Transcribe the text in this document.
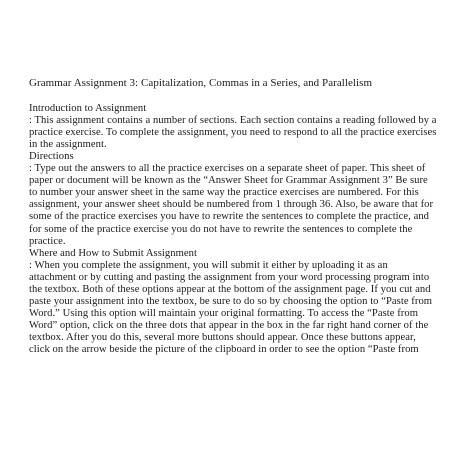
Grammar Assignment 3: Capitalization, Commas in a Series, and Parallelism

Introduction to Assignment

: This assignment contains a number of sections. Each section contains a reading followed by a practice exercise. To complete the assignment, you need to respond to all the practice exercises in the assignment.

Directions

: Type out the answers to all the practice exercises on a separate sheet of paper. This sheet of paper or document will be known as the “Answer Sheet for Grammar Assignment 3” Be sure to number your answer sheet in the same way the practice exercises are numbered. For this assignment, your answer sheet should be numbered from 1 through 36. Also, be aware that for some of the practice exercises you have to rewrite the sentences to complete the practice, and for some of the practice exercise you do not have to rewrite the sentences to complete the practice.

Where and How to Submit Assignment

: When you complete the assignment, you will submit it either by uploading it as an attachment or by cutting and pasting the assignment from your word processing program into the textbox. Both of these options appear at the bottom of the assignment page. If you cut and paste your assignment into the textbox, be sure to do so by choosing the option to “Paste from Word.” Using this option will maintain your original formatting. To access the “Paste from Word” option, click on the three dots that appear in the box in the far right hand corner of the textbox. After you do this, several more buttons should appear. Once these buttons appear, click on the arrow beside the picture of the clipboard in order to see the option “Paste from
